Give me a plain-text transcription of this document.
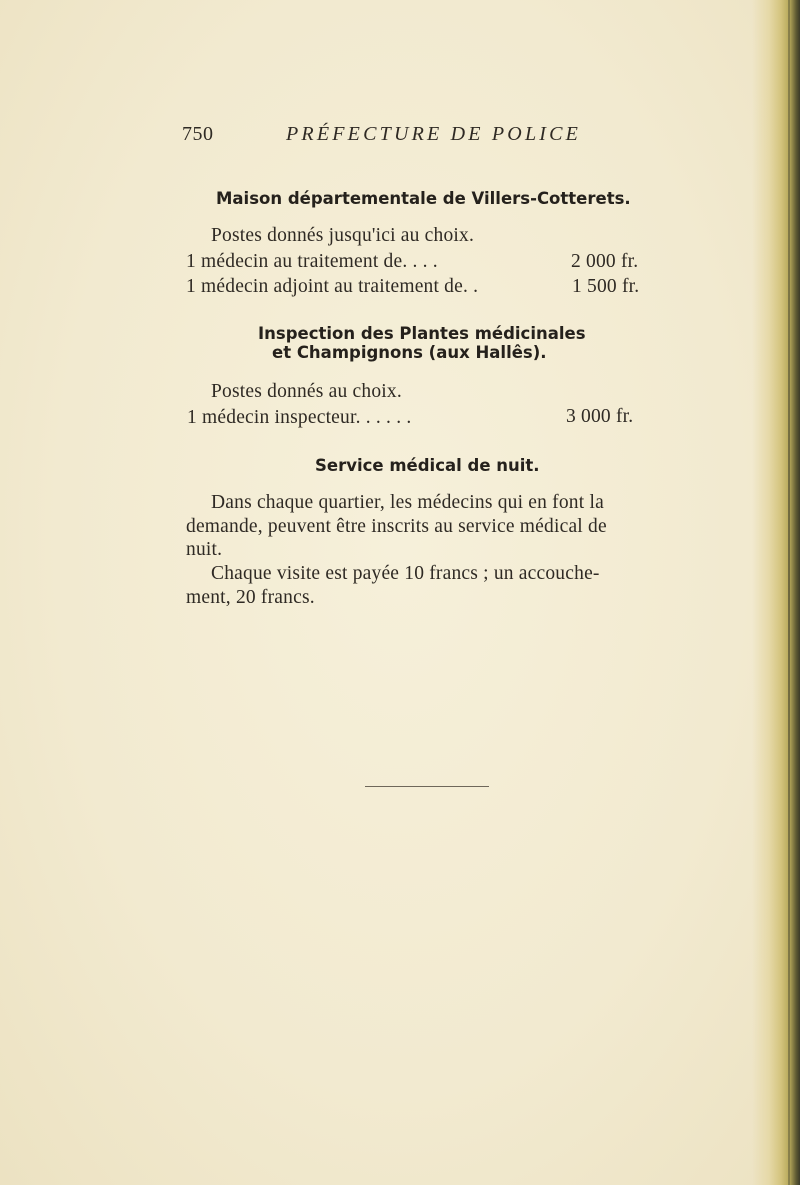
750	PRÉFECTURE DE POLICE
Maison départementale de Villers-Cotterets.
Postes donnés jusqu'ici au choix.
1 médecin au traitement de. . . .	2 000 fr.
1 médecin adjoint au traitement de. .	1 500 fr.
Inspection des Plantes médicinales
et Champignons (aux Hallês).
Postes donnés au choix.
1 médecin inspecteur. . . . . .	3 000 fr.
Service médical de nuit.
Dans chaque quartier, les médecins qui en font la
demande, peuvent être inscrits au service médical de
nuit.
Chaque visite est payée 10 francs ; un accouche-
ment, 20 francs.
